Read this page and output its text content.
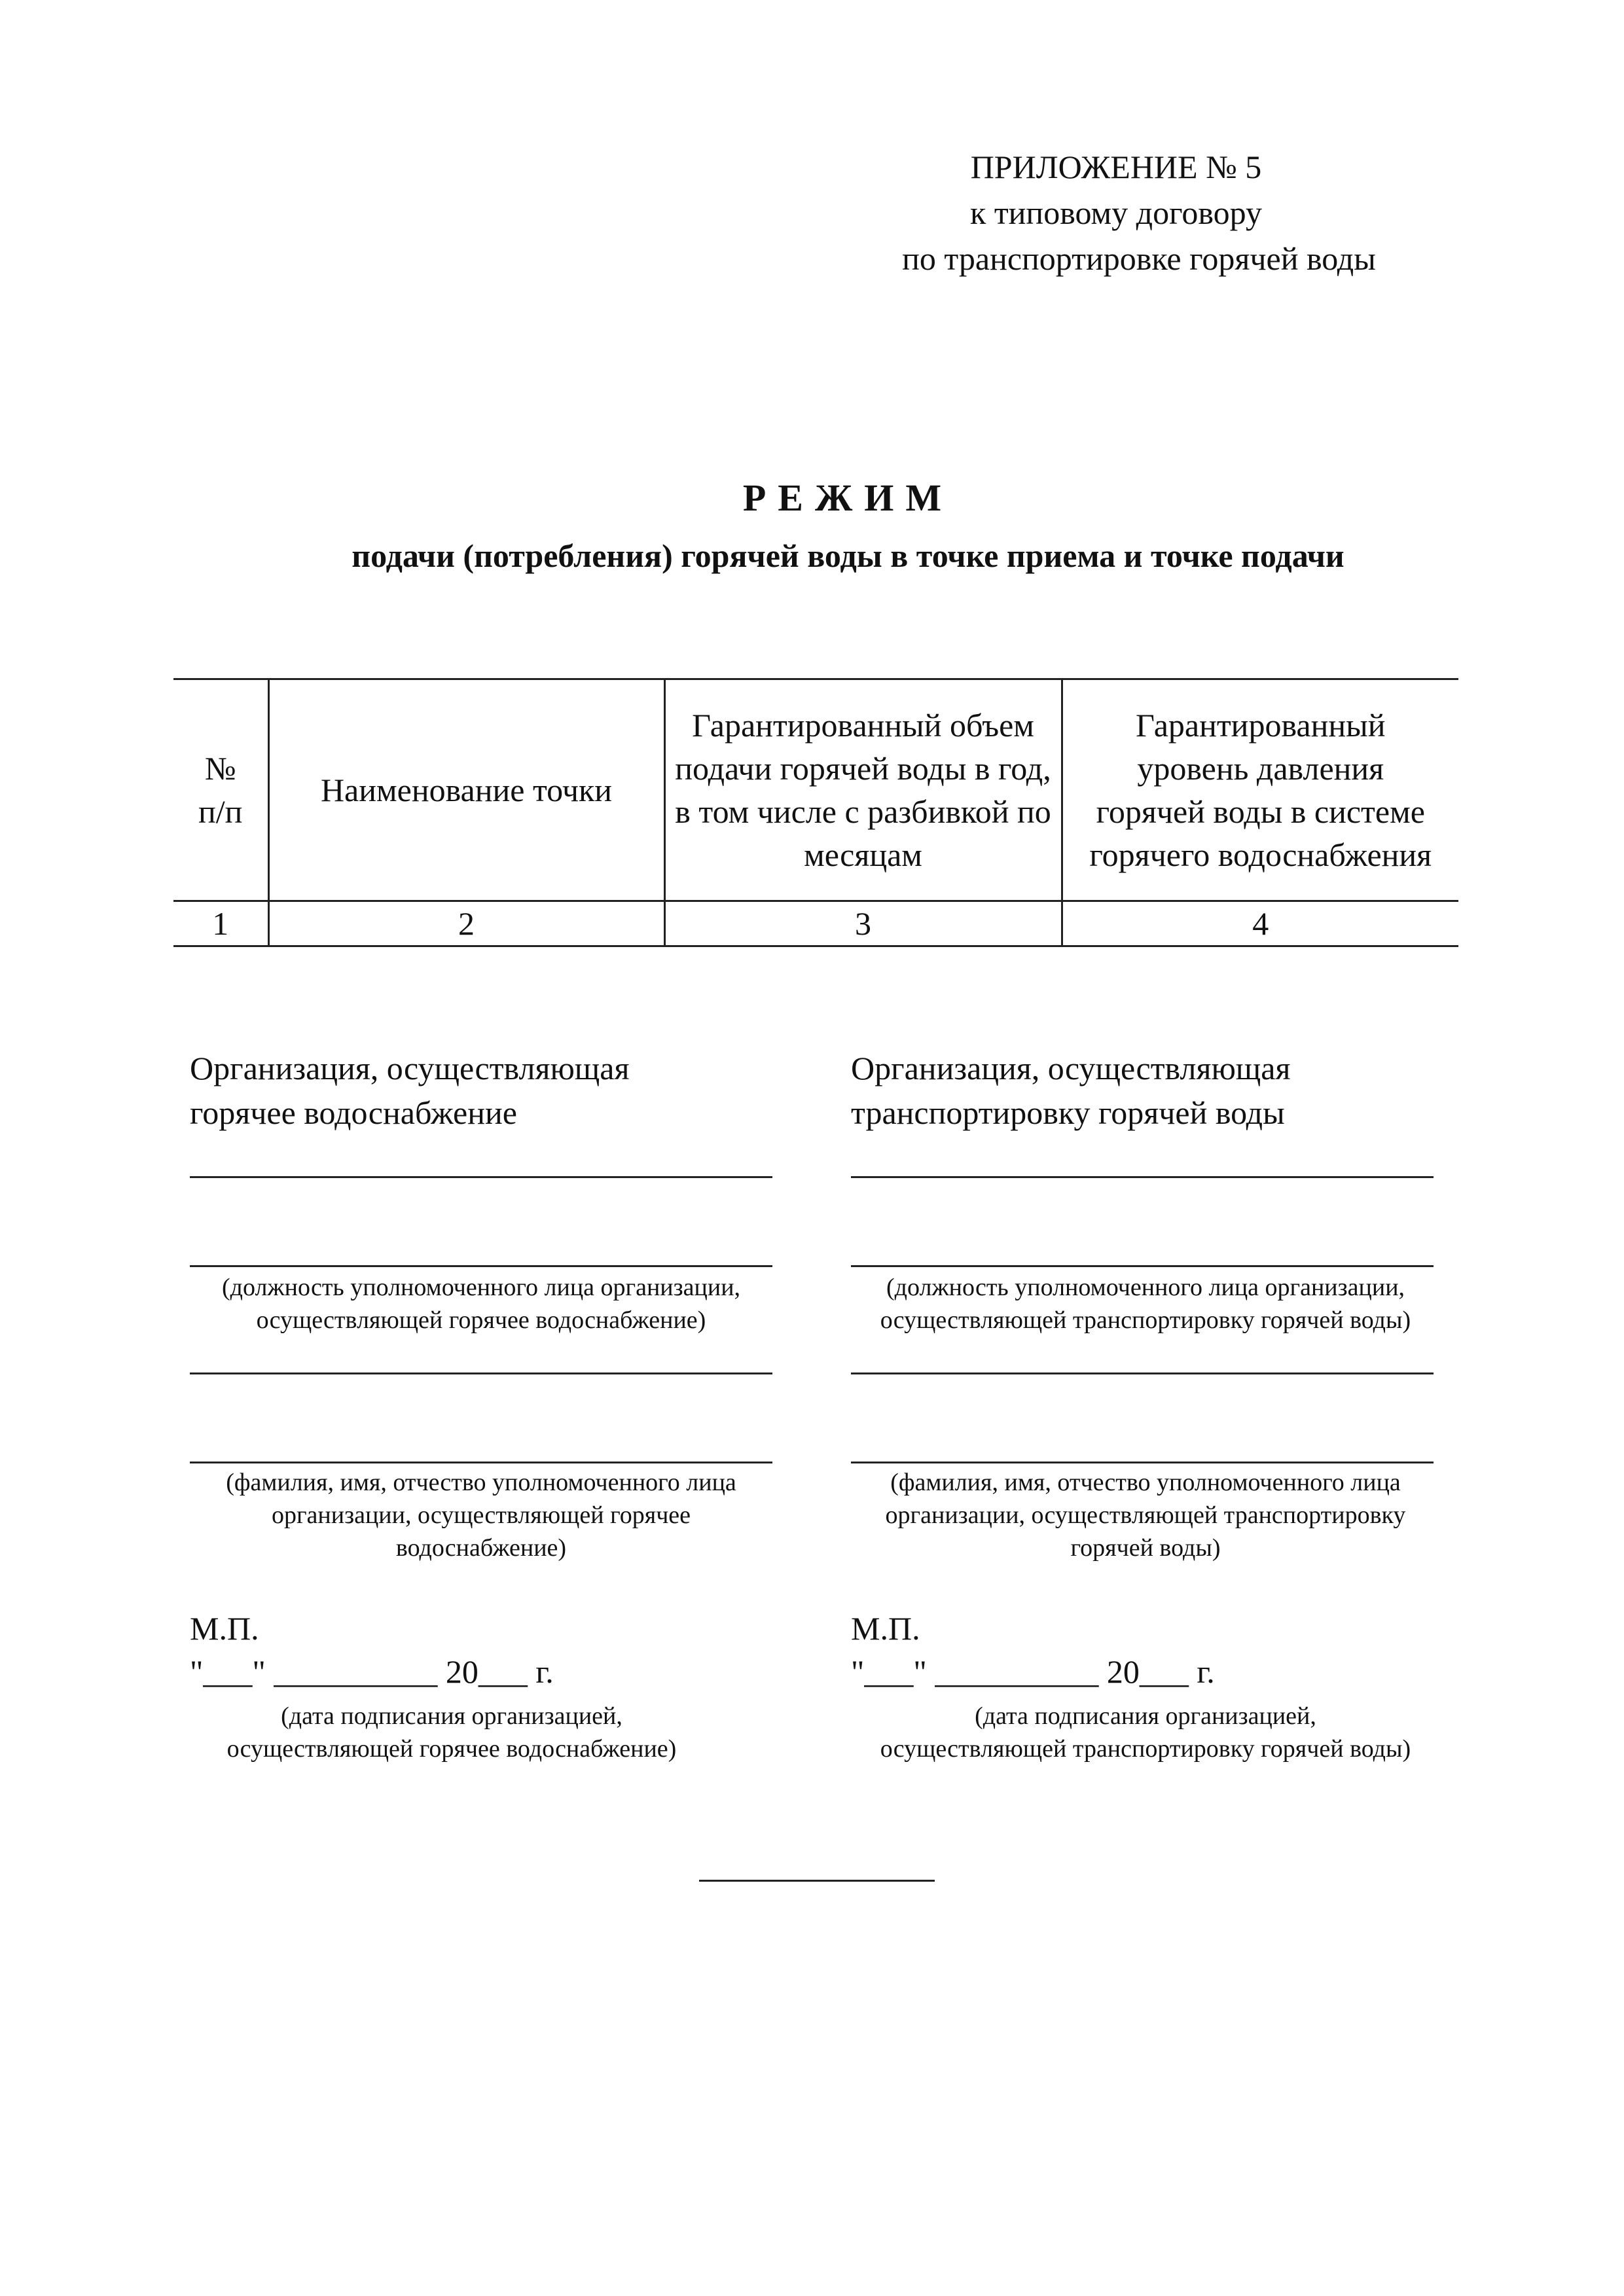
ПРИЛОЖЕНИЕ № 5
к типовому договору
по транспортировке горячей воды
РЕЖИМ
подачи (потребления) горячей воды в точке приема и точке подачи
№ п/п	Наименование точки	Гарантированный объем подачи горячей воды в год, в том числе с разбивкой по месяцам	Гарантированный уровень давления горячей воды в системе горячего водоснабжения
1	2	3	4
Организация, осуществляющая
горячее водоснабжение
(должность уполномоченного лица организации,
осуществляющей горячее водоснабжение)
(фамилия, имя, отчество уполномоченного лица
организации, осуществляющей горячее
водоснабжение)
М.П.
"___" __________ 20___ г.
(дата подписания организацией,
осуществляющей горячее водоснабжение)
Организация, осуществляющая
транспортировку горячей воды
(должность уполномоченного лица организации,
осуществляющей транспортировку горячей воды)
(фамилия, имя, отчество уполномоченного лица
организации, осуществляющей транспортировку
горячей воды)
М.П.
"___" __________ 20___ г.
(дата подписания организацией,
осуществляющей транспортировку горячей воды)
